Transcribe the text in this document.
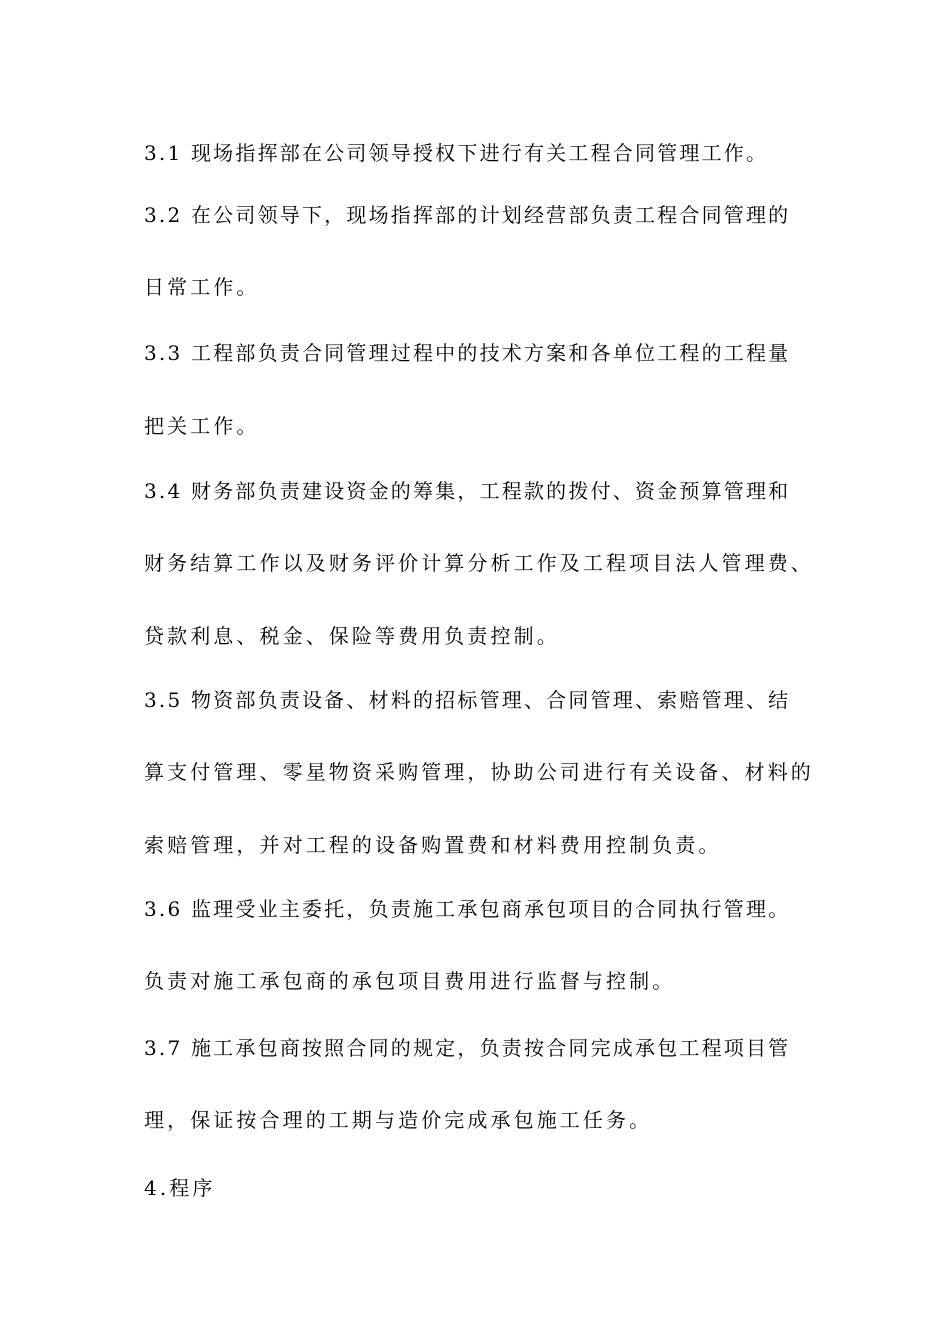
3.1 现场指挥部在公司领导授权下进行有关工程合同管理工作。
3.2 在公司领导下，现场指挥部的计划经营部负责工程合同管理的
日常工作。
3.3 工程部负责合同管理过程中的技术方案和各单位工程的工程量
把关工作。
3.4 财务部负责建设资金的筹集，工程款的拨付、资金预算管理和
财务结算工作以及财务评价计算分析工作及工程项目法人管理费、
贷款利息、税金、保险等费用负责控制。
3.5 物资部负责设备、材料的招标管理、合同管理、索赔管理、结
算支付管理、零星物资采购管理，协助公司进行有关设备、材料的
索赔管理，并对工程的设备购置费和材料费用控制负责。
3.6 监理受业主委托，负责施工承包商承包项目的合同执行管理。
负责对施工承包商的承包项目费用进行监督与控制。
3.7 施工承包商按照合同的规定，负责按合同完成承包工程项目管
理，保证按合理的工期与造价完成承包施工任务。
4.程序
